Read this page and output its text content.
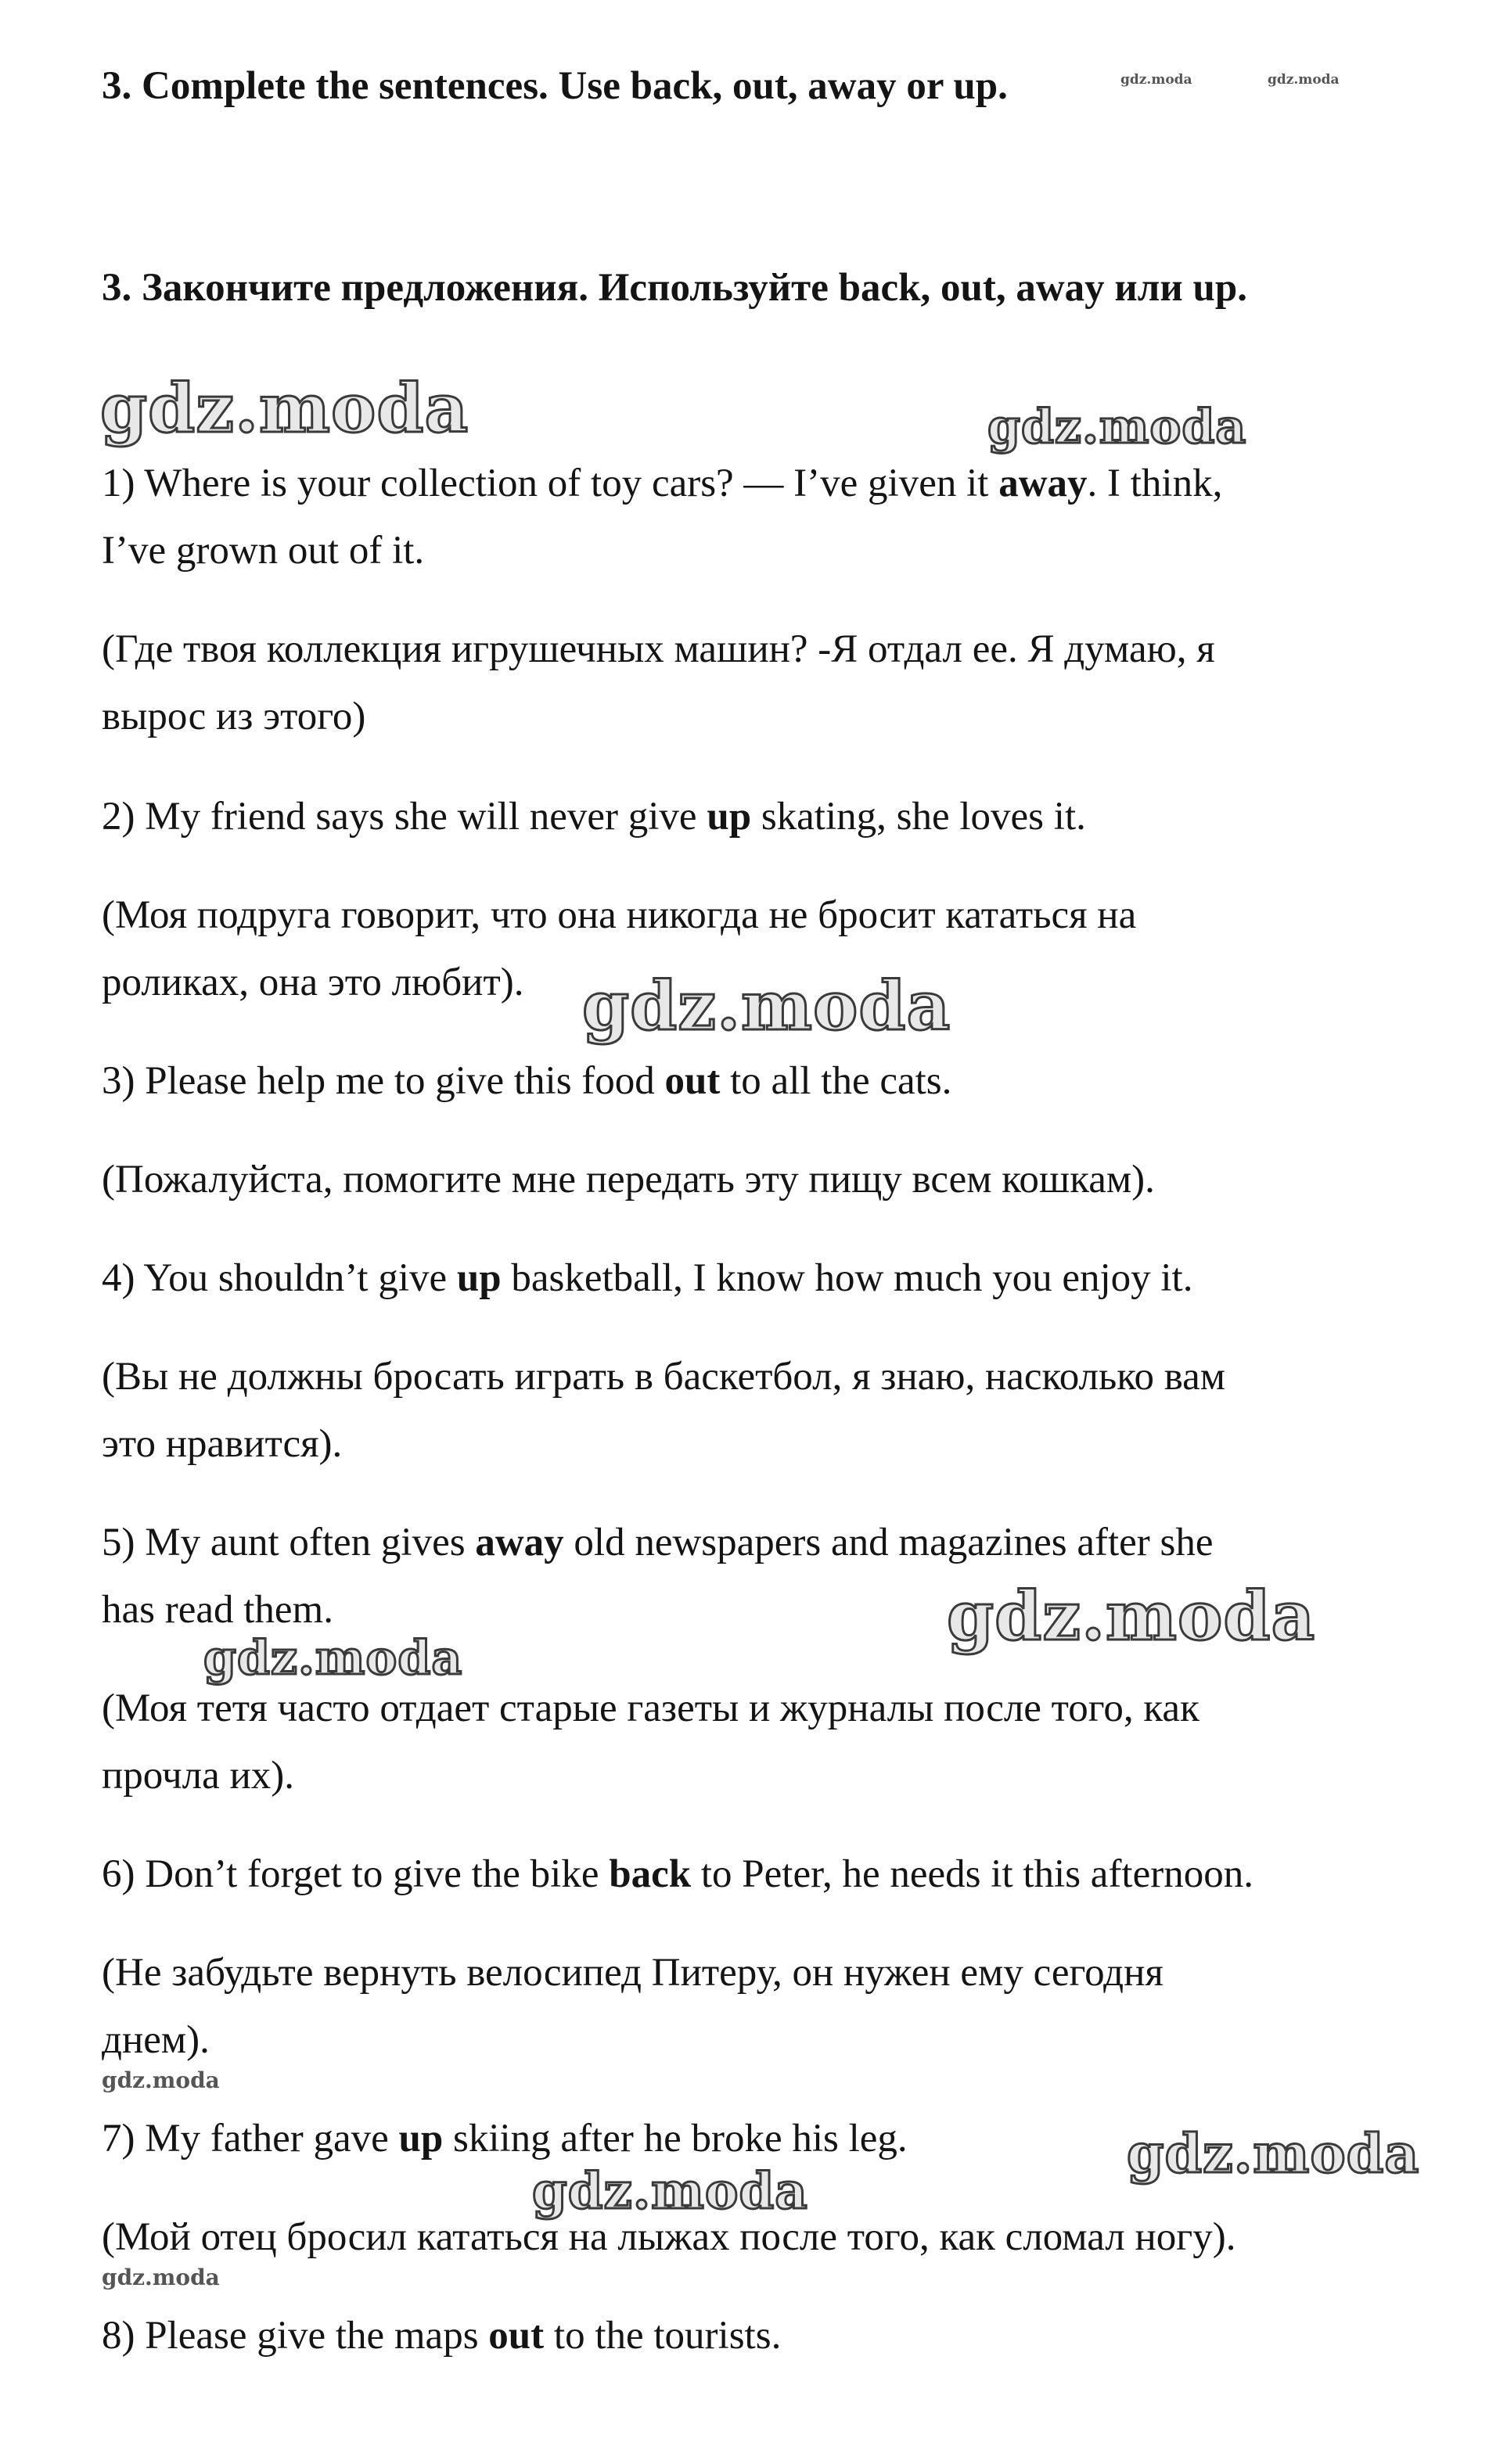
3. Complete the sentences. Use back, out, away or up.

3. Закончите предложения. Используйте back, out, away или up.

1) Where is your collection of toy cars? — I’ve given it away. I think,

I’ve grown out of it.

(Где твоя коллекция игрушечных машин? -Я отдал ее. Я думаю, я

вырос из этого)

2) My friend says she will never give up skating, she loves it.

(Моя подруга говорит, что она никогда не бросит кататься на

роликах, она это любит).

3) Please help me to give this food out to all the cats.

(Пожалуйста, помогите мне передать эту пищу всем кошкам).

4) You shouldn’t give up basketball, I know how much you enjoy it.

(Вы не должны бросать играть в баскетбол, я знаю, насколько вам

это нравится).

5) My aunt often gives away old newspapers and magazines after she

has read them.

(Моя тетя часто отдает старые газеты и журналы после того, как

прочла их).

6) Don’t forget to give the bike back to Peter, he needs it this afternoon.

(Не забудьте вернуть велосипед Питеру, он нужен ему сегодня

днем).

7) My father gave up skiing after he broke his leg.

(Мой отец бросил кататься на лыжах после того, как сломал ногу).

8) Please give the maps out to the tourists.

gdz.moda	gdz.moda
gdz.moda	gdz.moda
gdz.moda
gdz.moda
gdz.moda
gdz.moda
gdz.moda
gdz.moda
gdz.moda
